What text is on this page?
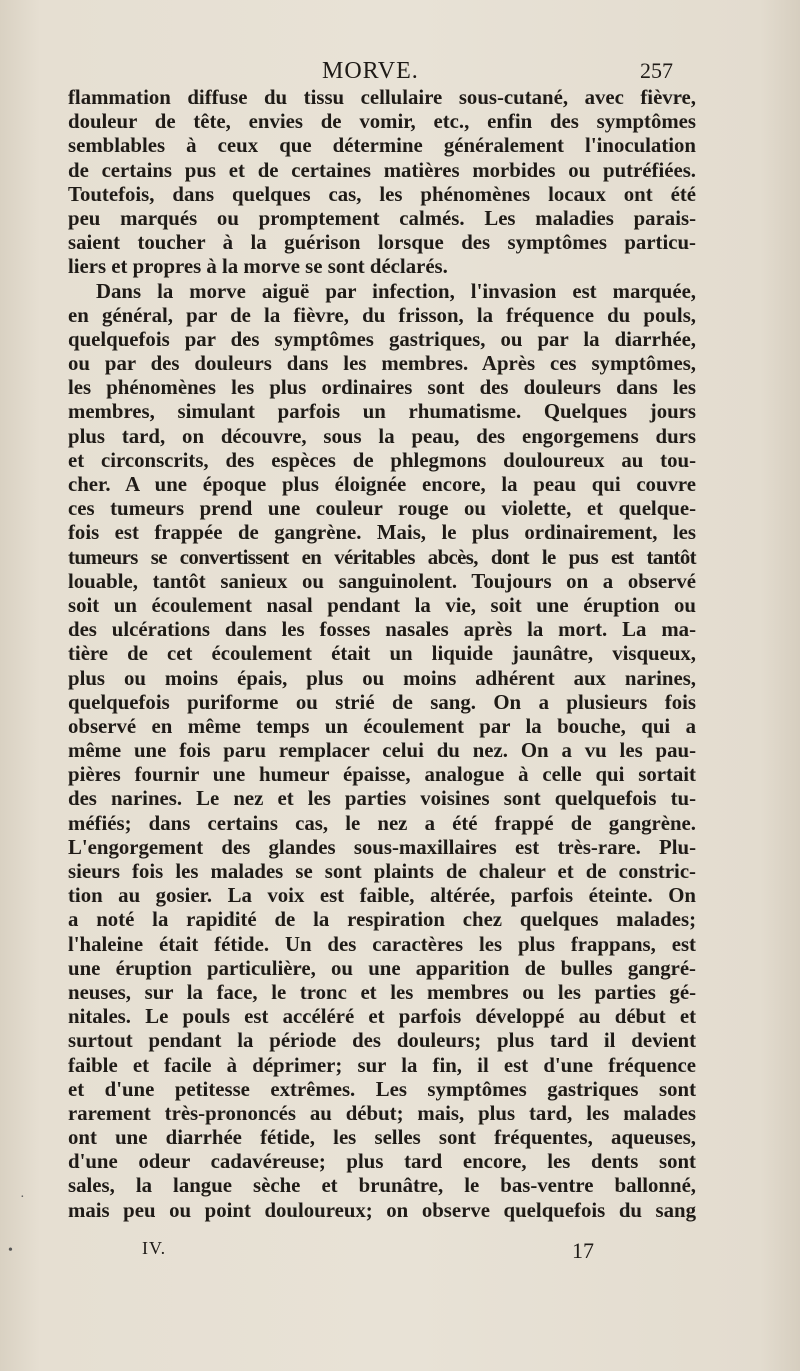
MORVE.	257
flammation diffuse du tissu cellulaire sous-cutané, avec fièvre,
douleur de tête, envies de vomir, etc., enfin des symptômes
semblables à ceux que détermine généralement l'inoculation
de certains pus et de certaines matières morbides ou putréfiées.
Toutefois, dans quelques cas, les phénomènes locaux ont été
peu marqués ou promptement calmés. Les maladies parais-
saient toucher à la guérison lorsque des symptômes particu-
liers et propres à la morve se sont déclarés.
Dans la morve aiguë par infection, l'invasion est marquée,
en général, par de la fièvre, du frisson, la fréquence du pouls,
quelquefois par des symptômes gastriques, ou par la diarrhée,
ou par des douleurs dans les membres. Après ces symptômes,
les phénomènes les plus ordinaires sont des douleurs dans les
membres, simulant parfois un rhumatisme. Quelques jours
plus tard, on découvre, sous la peau, des engorgemens durs
et circonscrits, des espèces de phlegmons douloureux au tou-
cher. A une époque plus éloignée encore, la peau qui couvre
ces tumeurs prend une couleur rouge ou violette, et quelque-
fois est frappée de gangrène. Mais, le plus ordinairement, les
tumeurs se convertissent en véritables abcès, dont le pus est tantôt
louable, tantôt sanieux ou sanguinolent. Toujours on a observé
soit un écoulement nasal pendant la vie, soit une éruption ou
des ulcérations dans les fosses nasales après la mort. La ma-
tière de cet écoulement était un liquide jaunâtre, visqueux,
plus ou moins épais, plus ou moins adhérent aux narines,
quelquefois puriforme ou strié de sang. On a plusieurs fois
observé en même temps un écoulement par la bouche, qui a
même une fois paru remplacer celui du nez. On a vu les pau-
pières fournir une humeur épaisse, analogue à celle qui sortait
des narines. Le nez et les parties voisines sont quelquefois tu-
méfiés; dans certains cas, le nez a été frappé de gangrène.
L'engorgement des glandes sous-maxillaires est très-rare. Plu-
sieurs fois les malades se sont plaints de chaleur et de constric-
tion au gosier. La voix est faible, altérée, parfois éteinte. On
a noté la rapidité de la respiration chez quelques malades;
l'haleine était fétide. Un des caractères les plus frappans, est
une éruption particulière, ou une apparition de bulles gangré-
neuses, sur la face, le tronc et les membres ou les parties gé-
nitales. Le pouls est accéléré et parfois développé au début et
surtout pendant la période des douleurs; plus tard il devient
faible et facile à déprimer; sur la fin, il est d'une fréquence
et d'une petitesse extrêmes. Les symptômes gastriques sont
rarement très-prononcés au début; mais, plus tard, les malades
ont une diarrhée fétide, les selles sont fréquentes, aqueuses,
d'une odeur cadavéreuse; plus tard encore, les dents sont
sales, la langue sèche et brunâtre, le bas-ventre ballonné,
mais peu ou point douloureux; on observe quelquefois du sang
IV.	17
•
·
